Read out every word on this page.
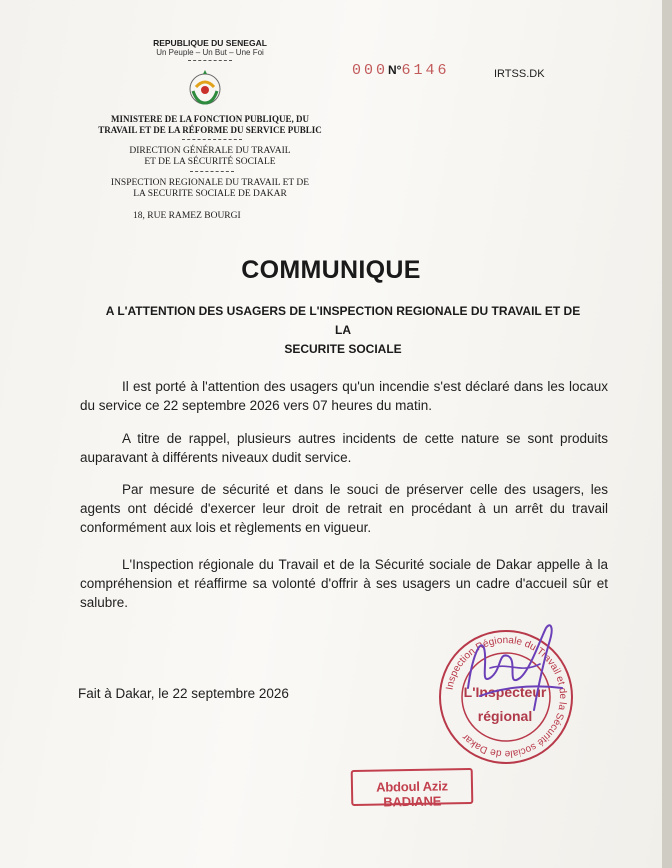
REPUBLIQUE DU SENEGAL
Un Peuple – Un But – Une Foi
MINISTERE DE LA FONCTION PUBLIQUE, DU
TRAVAIL ET DE LA RÉFORME DU SERVICE PUBLIC
DIRECTION GÉNÉRALE DU TRAVAIL
ET DE LA SÉCURITÉ SOCIALE
INSPECTION REGIONALE DU TRAVAIL ET DE
LA SECURITE SOCIALE DE DAKAR
18, RUE RAMEZ BOURGI
000N°6146	IRTSS.DK
COMMUNIQUE
A L'ATTENTION DES USAGERS DE L'INSPECTION REGIONALE DU TRAVAIL ET DE LA
SECURITE SOCIALE

Il est porté à l'attention des usagers qu'un incendie s'est déclaré dans les locaux du service ce 22 septembre 2026 vers 07 heures du matin.

A titre de rappel, plusieurs autres incidents de cette nature se sont produits auparavant à différents niveaux dudit service.

Par mesure de sécurité et dans le souci de préserver celle des usagers, les agents ont décidé d'exercer leur droit de retrait en procédant à un arrêt du travail conformément aux lois et règlements en vigueur.

L'Inspection régionale du Travail et de la Sécurité sociale de Dakar appelle à la compréhension et réaffirme sa volonté d'offrir à ses usagers un cadre d'accueil sûr et salubre.

Fait à Dakar, le 22 septembre 2026	Inspection Régionale du Travail et de la Sécurité sociale de Dakar
L'Inspecteur
régional
Abdoul Aziz BADIANE
